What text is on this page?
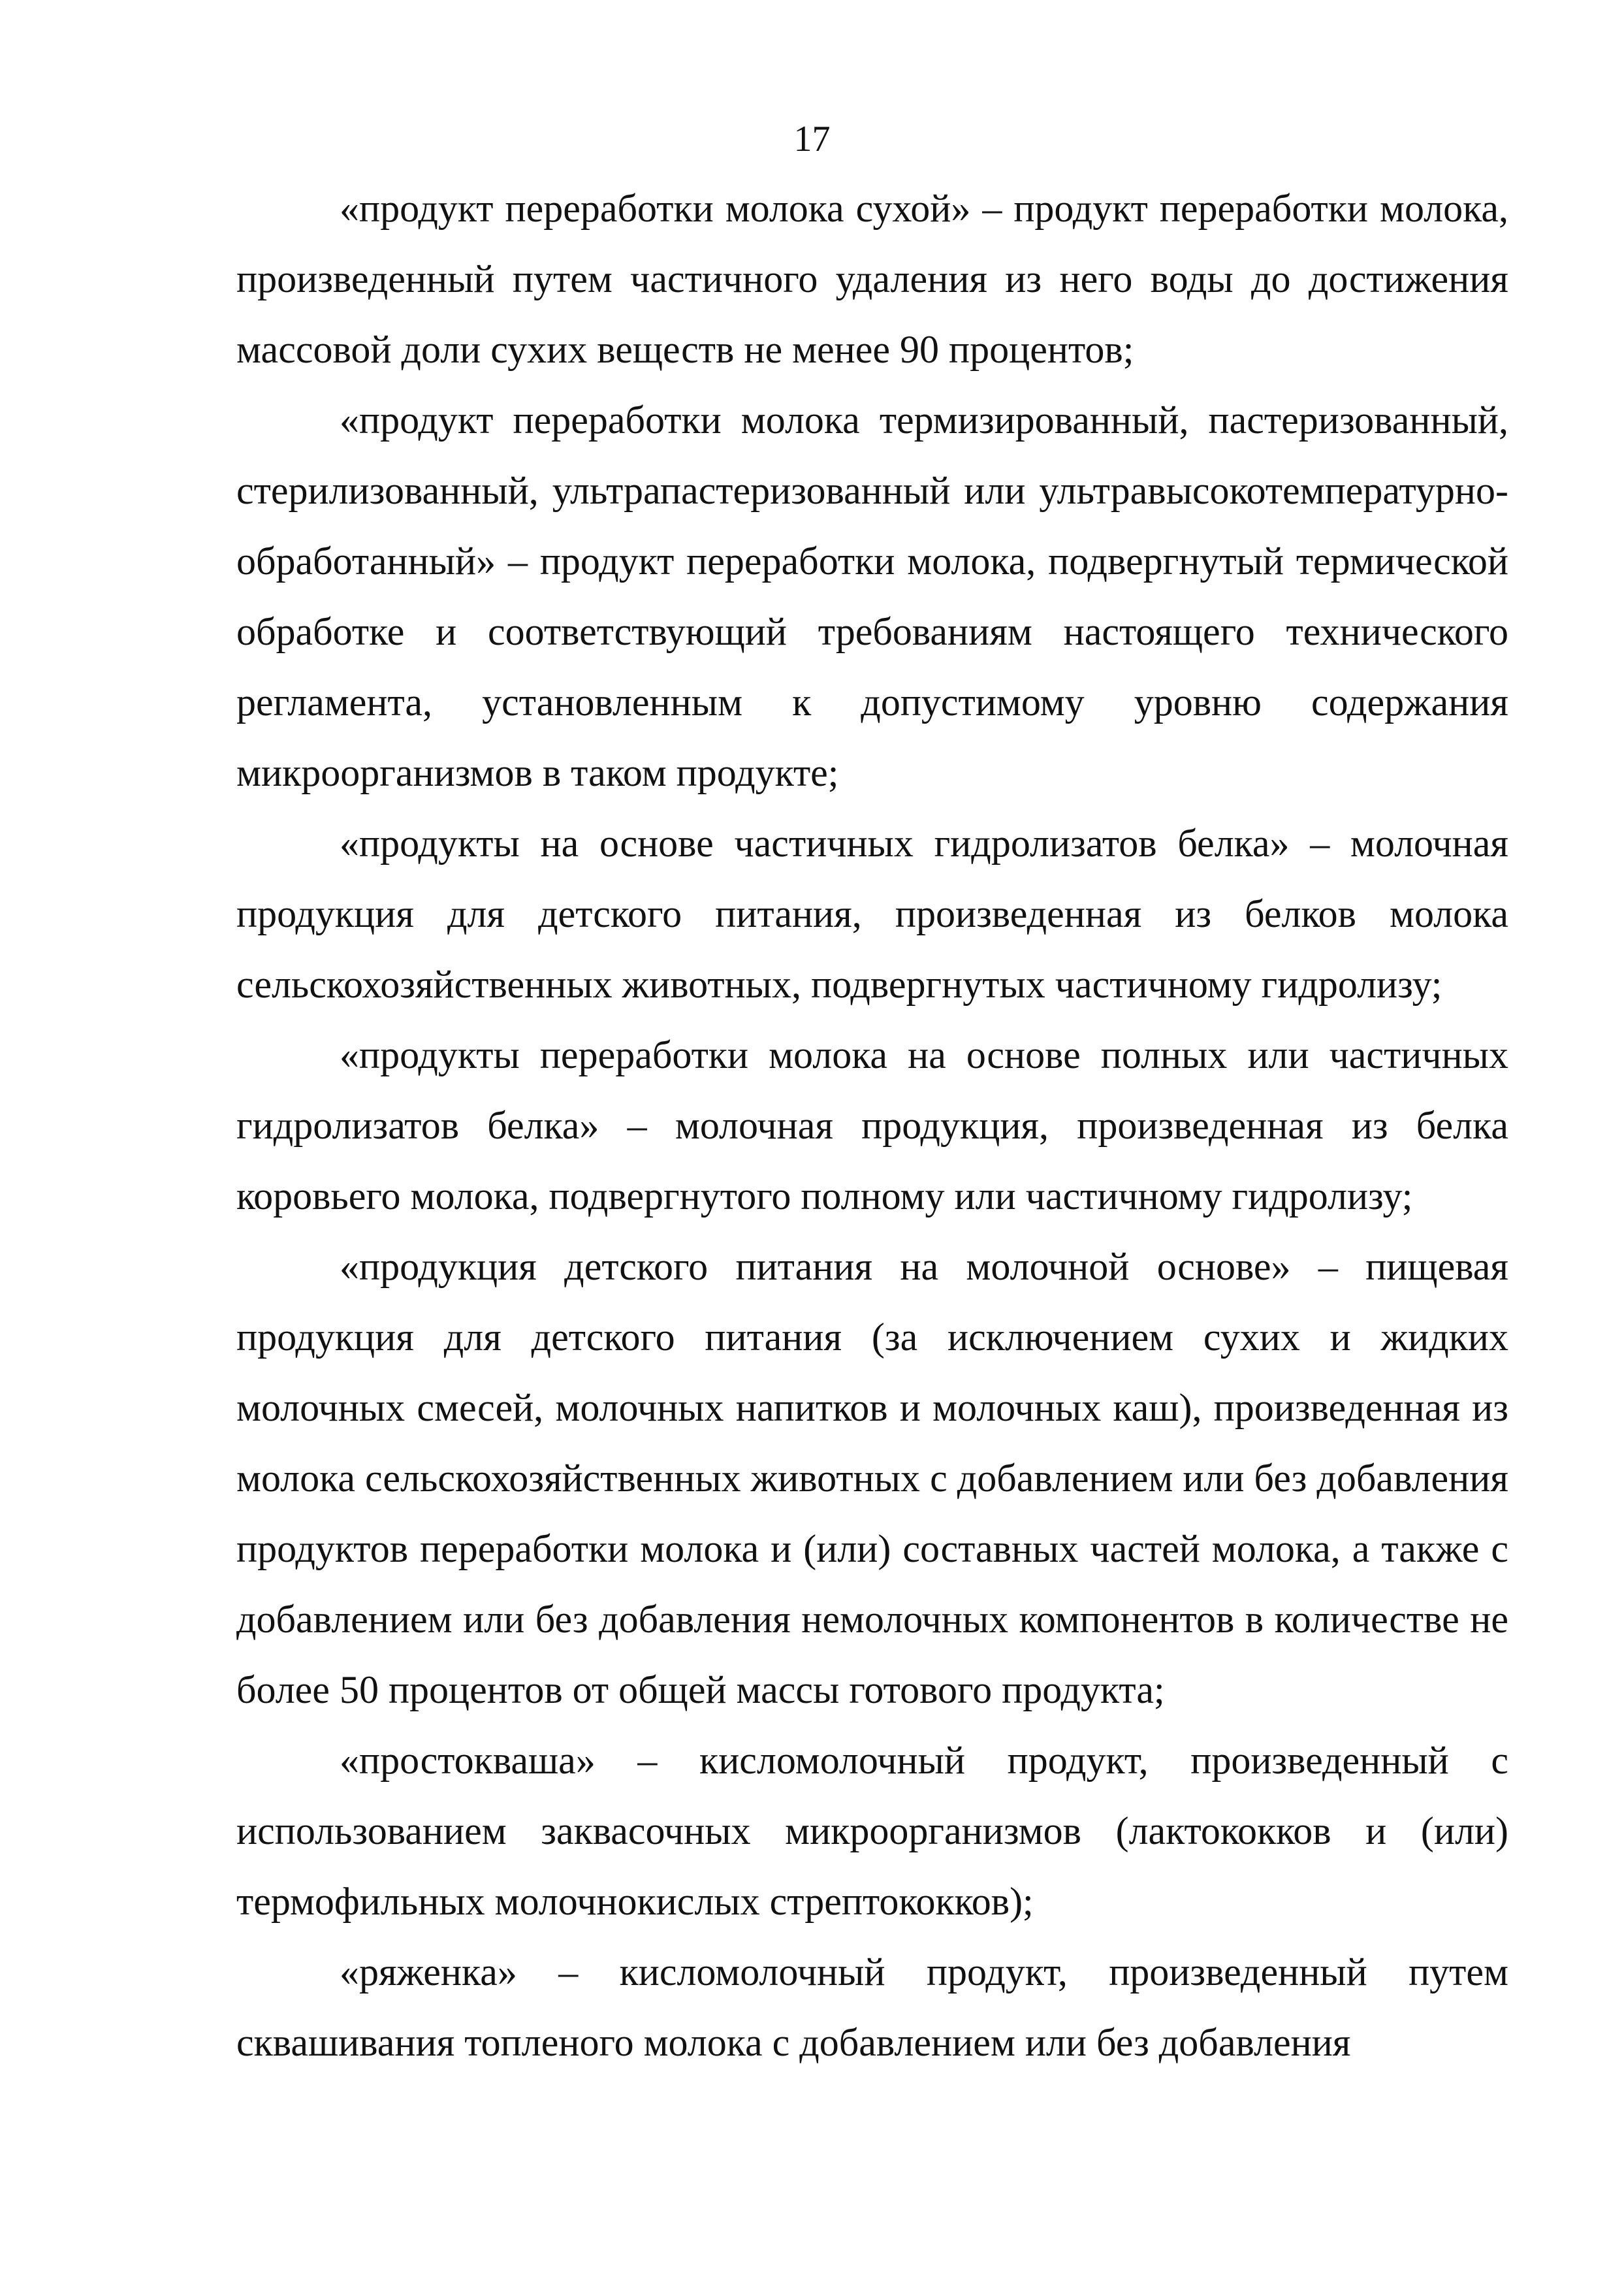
17

«продукт переработки молока сухой» – продукт переработки молока, произведенный путем частичного удаления из него воды до достижения массовой доли сухих веществ не менее 90 процентов;

«продукт переработки молока термизированный, пастеризованный, стерилизованный, ультрапастеризованный или ультравысокотемпературно-обработанный» – продукт переработки молока, подвергнутый термической обработке и соответствующий требованиям настоящего технического регламента, установленным к допустимому уровню содержания микроорганизмов в таком продукте;

«продукты на основе частичных гидролизатов белка» – молочная продукция для детского питания, произведенная из белков молока сельскохозяйственных животных, подвергнутых частичному гидролизу;

«продукты переработки молока на основе полных или частичных гидролизатов белка» – молочная продукция, произведенная из белка коровьего молока, подвергнутого полному или частичному гидролизу;

«продукция детского питания на молочной основе» – пищевая продукция для детского питания (за исключением сухих и жидких молочных смесей, молочных напитков и молочных каш), произведенная из молока сельскохозяйственных животных с добавлением или без добавления продуктов переработки молока и (или) составных частей молока, а также с добавлением или без добавления немолочных компонентов в количестве не более 50 процентов от общей массы готового продукта;

«простокваша» – кисломолочный продукт, произведенный с использованием заквасочных микроорганизмов (лактококков и (или) термофильных молочнокислых стрептококков);

«ряженка» – кисломолочный продукт, произведенный путем сквашивания топленого молока с добавлением или без добавления
